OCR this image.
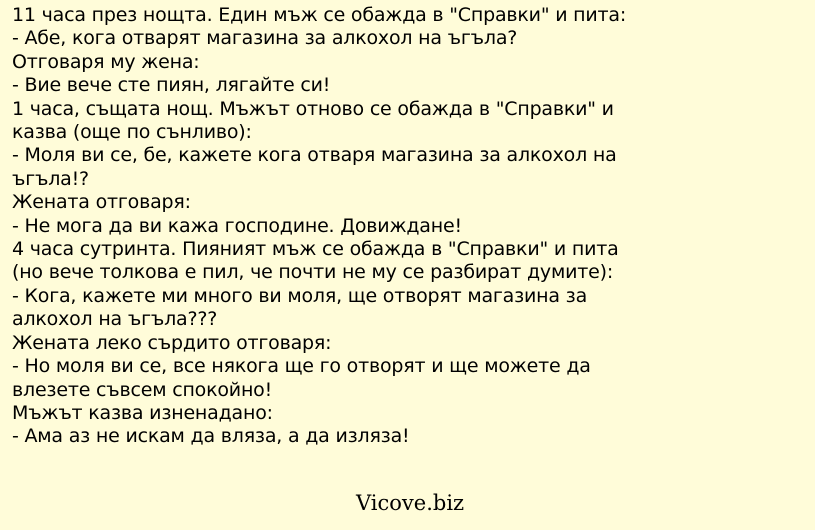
11 часа през нощта. Един мъж се обажда в "Справки" и пита:
- Абе, кога отварят магазина за алкохол на ъгъла?
Отговаря му жена:
- Вие вече сте пиян, лягайте си!
1 часа, същата нощ. Мъжът отново се обажда в "Справки" и
казва (още по сънливо):
- Моля ви се, бе, кажете кога отваря магазина за алкохол на
ъгъла!?
Жената отговаря:
- Не мога да ви кажа господине. Довиждане!
4 часа сутринта. Пияният мъж се обажда в "Справки" и пита
(но вече толкова е пил, че почти не му се разбират думите):
- Кога, кажете ми много ви моля, ще отворят магазина за
алкохол на ъгъла???
Жената леко сърдито отговаря:
- Но моля ви се, все някога ще го отворят и ще можете да
влезете съвсем спокойно!
Мъжът казва изненадано:
- Ама аз не искам да вляза, а да изляза!
Vicove.biz
